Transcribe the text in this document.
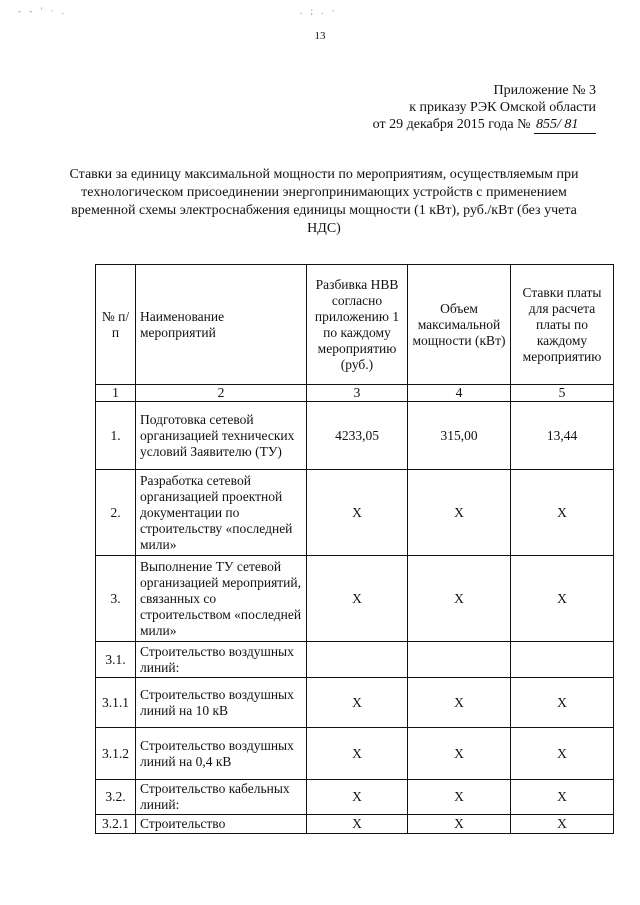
- - ' · .	. ; . ·
13
Приложение № 3
к приказу РЭК Омской области
от 29 декабря 2015 года № 855/ 81
Ставки за единицу максимальной мощности по мероприятиям, осуществляемым при технологическом присоединении энергопринимающих устройств с применением временной схемы электроснабжения единицы мощности (1 кВт), руб./кВт (без учета НДС)
№ п/п	Наименование мероприятий	Разбивка НВВ согласно приложению 1 по каждому мероприятию (руб.)	Объем максимальной мощности (кВт)	Ставки платы для расчета платы по каждому мероприятию
1	2	3	4	5
1.	Подготовка сетевой организацией технических условий Заявителю (ТУ)	4233,05	315,00	13,44
2.	Разработка сетевой организацией проектной документации по строительству «последней мили»	X	X	X
3.	Выполнение ТУ сетевой организацией мероприятий, связанных со строительством «последней мили»	X	X	X
3.1.	Строительство воздушных линий:			
3.1.1	Строительство воздушных линий на 10 кВ	X	X	X
3.1.2	Строительство воздушных линий на 0,4 кВ	X	X	X
3.2.	Строительство кабельных линий:	X	X	X
3.2.1	Строительство	X	X	X
